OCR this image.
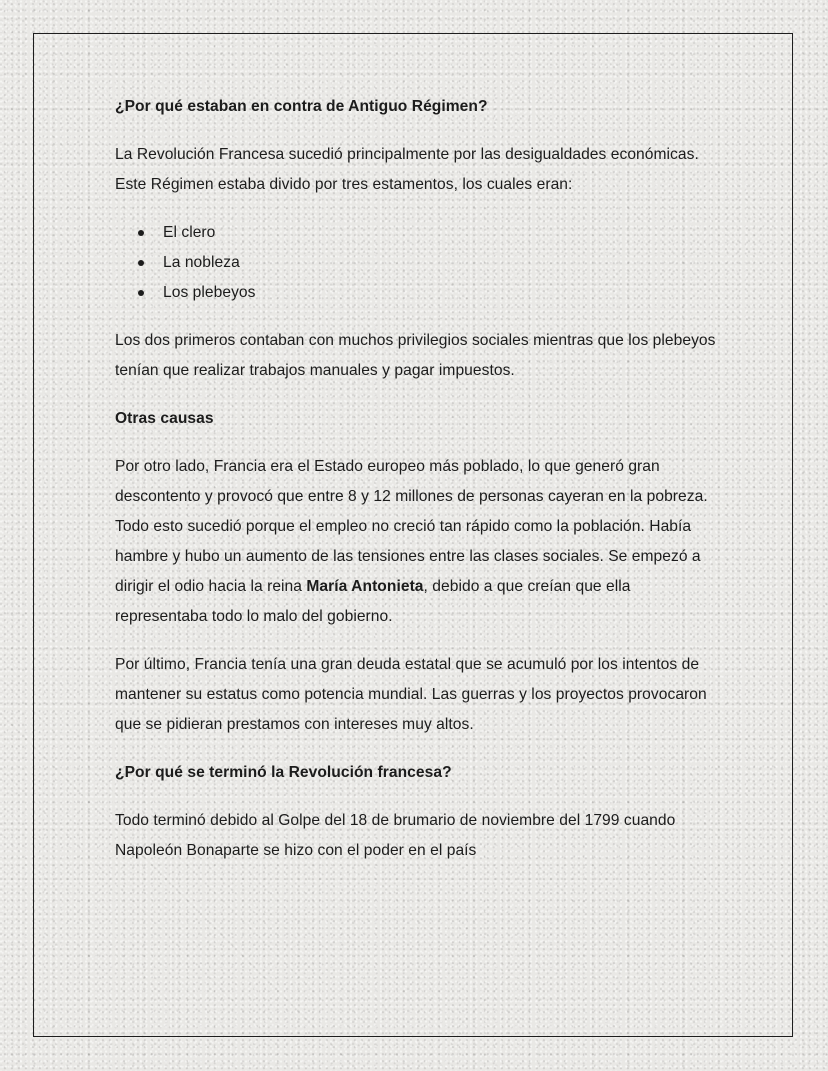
¿Por qué estaban en contra de Antiguo Régimen?

La Revolución Francesa sucedió principalmente por las desigualdades económicas. Este Régimen estaba divido por tres estamentos, los cuales eran:

El clero
La nobleza
Los plebeyos

Los dos primeros contaban con muchos privilegios sociales mientras que los plebeyos tenían que realizar trabajos manuales y pagar impuestos.

Otras causas

Por otro lado, Francia era el Estado europeo más poblado, lo que generó gran descontento y provocó que entre 8 y 12 millones de personas cayeran en la pobreza. Todo esto sucedió porque el empleo no creció tan rápido como la población. Había hambre y hubo un aumento de las tensiones entre las clases sociales. Se empezó a dirigir el odio hacia la reina María Antonieta, debido a que creían que ella representaba todo lo malo del gobierno.

Por último, Francia tenía una gran deuda estatal que se acumuló por los intentos de mantener su estatus como potencia mundial. Las guerras y los proyectos provocaron que se pidieran prestamos con intereses muy altos.

¿Por qué se terminó la Revolución francesa?

Todo terminó debido al Golpe del 18 de brumario de noviembre del 1799 cuando Napoleón Bonaparte se hizo con el poder en el país
